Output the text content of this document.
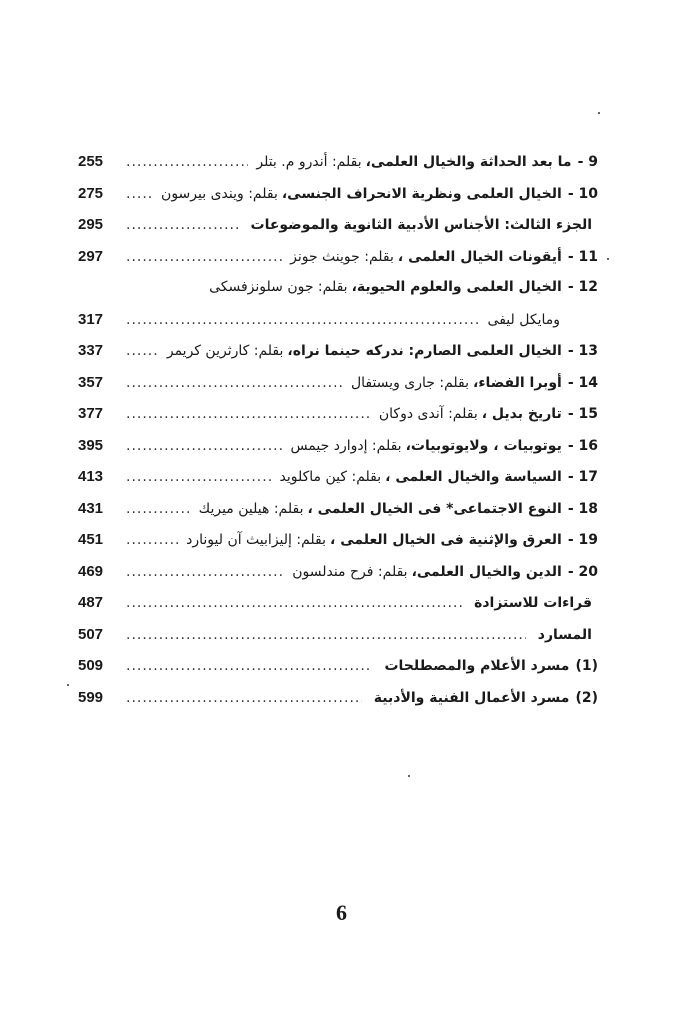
9 -
ما بعد الحداثة والخيال العلمى،
بقلم: أندرو م. بتلر
.....
255
10 -
الخيال العلمى ونظرية الانحراف الجنسى،
بقلم: ويندى بيرسون
.....
275
الجزء الثالث: الأجناس الأدبية الثانوية والموضوعات
.....
295
11 -
أيقونات الخيال العلمى ،
بقلم: جوينث جونز
.....
297
12 -
الخيال العلمى والعلوم الحيوية،
بقلم: جون سلونزفسكى
ومايكل ليفى
.....
317
13 -
الخيال العلمى الصارم: ندركه حينما نراه،
بقلم: كارثرين كريمر
.....
337
14 -
أوبرا الفضاء،
بقلم: جارى ويستفال
.....
357
15 -
تاريخ بديل ،
بقلم: آندى دوكان
.....
377
16 -
يوتوبيات ، ولايوتوبيات،
بقلم: إدوارد جيمس
.....
395
17 -
السياسة والخيال العلمى ،
بقلم: كين ماكلويد
.....
413
18 -
النوع الاجتماعى* فى الخيال العلمى ،
بقلم: هيلين ميريك
.....
431
19 -
العرق والإثنية فى الخيال العلمى ،
بقلم: إليزابيث آن ليونارد
.....
451
20 -
الدين والخيال العلمى،
بقلم: فرح مندلسون
.....
469
قراءات للاستزادة
.....
487
المسارد
.....
507
(1)
مسرد الأعلام والمصطلحات
.....
509
(2)
مسرد الأعمال الفنية والأدبية
.....
599
6
